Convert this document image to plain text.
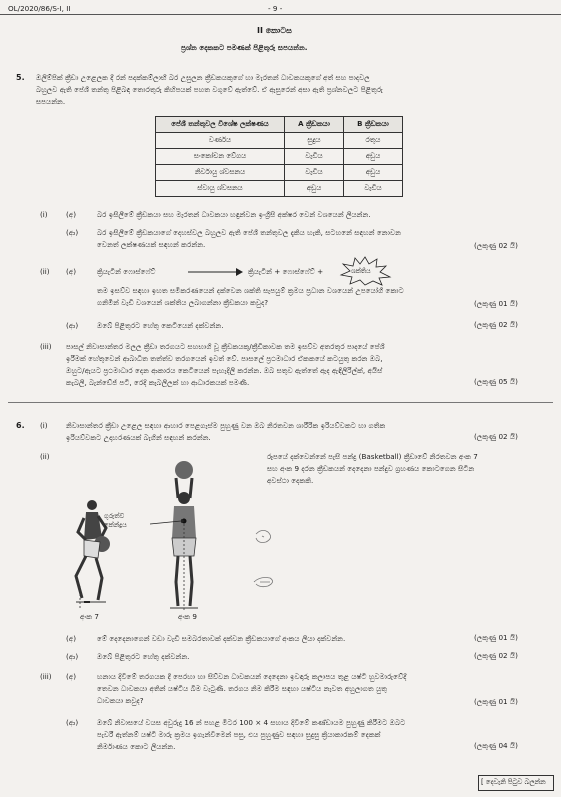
OL/2020/86/S-I, II	- 9 -
II කොටස
ප්‍රශ්න දෙකකට පමණක් පිළිතුරු සපයන්න.
5. ඔලිම්පික් ක්‍රීඩා උළෙලක දී රන් පදක්කම්ලාභී බර උසුලන ක්‍රීඩකයකුගේ හා මැරතන් ධාවකයකුගේ අත් සහ පාදවල
බහුලව ඇති පේශී තන්තු පිළිබඳ තොරතුරු කිහිපයක් පහත වගුවේ ඇත්වේ. ඒ ඇසුරෙන් අසා ඇති ප්‍රශ්නවලට පිළිතුරු
සපයන්න.
පේශී තන්තුවල විශේෂ ලක්ෂණය	A ක්‍රීඩකයා	B ක්‍රීඩකයා
වර්ණය	සුදුය	රතුය
සංකෝචන වේගය	වැඩිය	අඩුය
නිර්වායු ශ්වසනය	වැඩිය	අඩුය
ස්වායු ශ්වසනය	අඩුය	වැඩිය
(i)	(අ)	බර ඉසිලීමේ ක්‍රීඩකයා සහ මැරතන් ධාවකයා හඳුන්වන ඉංග්‍රීසි අක්ෂර වෙන් වශයෙන් ලියන්න.
(ආ)	බර ඉසිලීමේ ක්‍රීඩකයාගේ දෙහස්වල බහුලව ඇති පේශී තන්තුවල දැකිය හැකි, සටහනේ සඳහන් නොවන
වෙනත් ලක්ෂණයක් සඳහන් කරන්න.	(ලකුණු 02 යි)
(ii) (අ)	ක්‍රියැටින් ෆොස්ෆේට් → ක්‍රියැටින් + ෆොස්ෆේට් +	ශක්තිය
තම ඉසව්ව සඳහා ඉහත සමීකරණයෙන් දක්වෙන ශක්ති සැපයුම් ක්‍රමය ප්‍රධාන වශයෙන් උපයෝගී කොට
ගනිමින් වැඩි වශයෙන් ශක්තිය ලබාගන්නා ක්‍රීඩකයා කවුද?	(ලකුණු 01 යි)
(ආ)	ඔබේ පිළිතුරට හේතු කෙටියෙන් දක්වන්න.	(ලකුණු 02 යි)
(iii) පාසල් නිවාසාන්තර මලල ක්‍රීඩා තරගයට සහභාගි වූ ක්‍රීඩකයකු/ක්‍රීඩිකාවක තම ඉසව්ව අතරතුර පාදයේ පේශී
ඉරීමක් හේතුවෙන් ආබාධිත තත්ත්ව තරගයෙන් ඉවත් වේ. පාසලේ ප්‍රථමාධාර ඒකකයේ කටයුතු කරන ඔබ,
ඔහුට/ඇයට ප්‍රථමාධාර දෙන ආකාරය කෙටියෙන් පැහැදිලි කරන්න. ඔබ සතුව ඇත්තේ ඇද ඇඳිලිරිල්ක්, අයිස්
කැබලි, බැන්ඩේජ් පටි, රෙදි කැබලිලක් හා ආධාරකයක් පමණි.	(ලකුණු 05 යි)
6. (i)	නිවාසාන්තර ක්‍රීඩා උළෙල සඳහා ආහාර පෙළගැස්ම පුහුණු වන ඔබ නිරතවන ශාරීරික ඉරියව්වකට හා ගතික
ඉරියව්වකට උදාහරණයක් බැගින් සඳහන් කරන්න.	(ලකුණු 02 යි)
(ii)	රූපයේ දක්වෙන්නේ පැසි පන්දු (Basketball) ක්‍රීඩාවේ නිරතවන අංක 7
සහ අංක 9 දරන ක්‍රීඩකයන් දෙදෙනා පන්දුව ග්‍රහණය කොටගෙන සිටින
අවස්ථා දෙකකි.
ගුරුත්ව
කේන්ද්‍රය
අංක 7	අංක 9
(අ)	මේ දෙදෙනාගෙන් වඩා වැඩි සමබරතාවක් දක්වන ක්‍රීඩකයාගේ අංකය ලියා දක්වන්න.	(ලකුණු 01 යි)
(ආ)	ඔබේ පිළිතුරට හේතු දක්වන්න.	(ලකුණු 02 යි)
(iii) (අ)	හනාය දිවීමේ තරගයක දී පෙරහා හා සිව්වන ධාවකයන් දෙදෙනා ඉවඳාරු කලාපය තුළ යෂ්ටි හුවමාරුවේදී
තෙවන ධාවකයා අතින් යෂ්ටිය බිම වැටුණි. තරගය නිම කිරීම සඳහා යෂ්ටිය නැවත අහුලාගත යුතු
ධාවකයා කවුද?	(ලකුණු 01 යි)
(ආ)	ඔබේ නිවාසයේ වයස අවුරුදු 16 න් පහළ මීටර 100 × 4 සහාය දිවීමේ කණ්ඩායම පුහුණු කිරීමට ඔබට
පැවරී ඇත්නම් යෂ්ටි මාරු ක්‍රමය ඉගැන්වීමෙන් පසු, එය පුහුණුව සඳහා සුදුසු ක්‍රියාකාරකම් දෙකක්
නිර්මාණය කොට ලියන්න.	(ලකුණු 04 යි)
[ දෙවැනි පිටුව බලන්න
